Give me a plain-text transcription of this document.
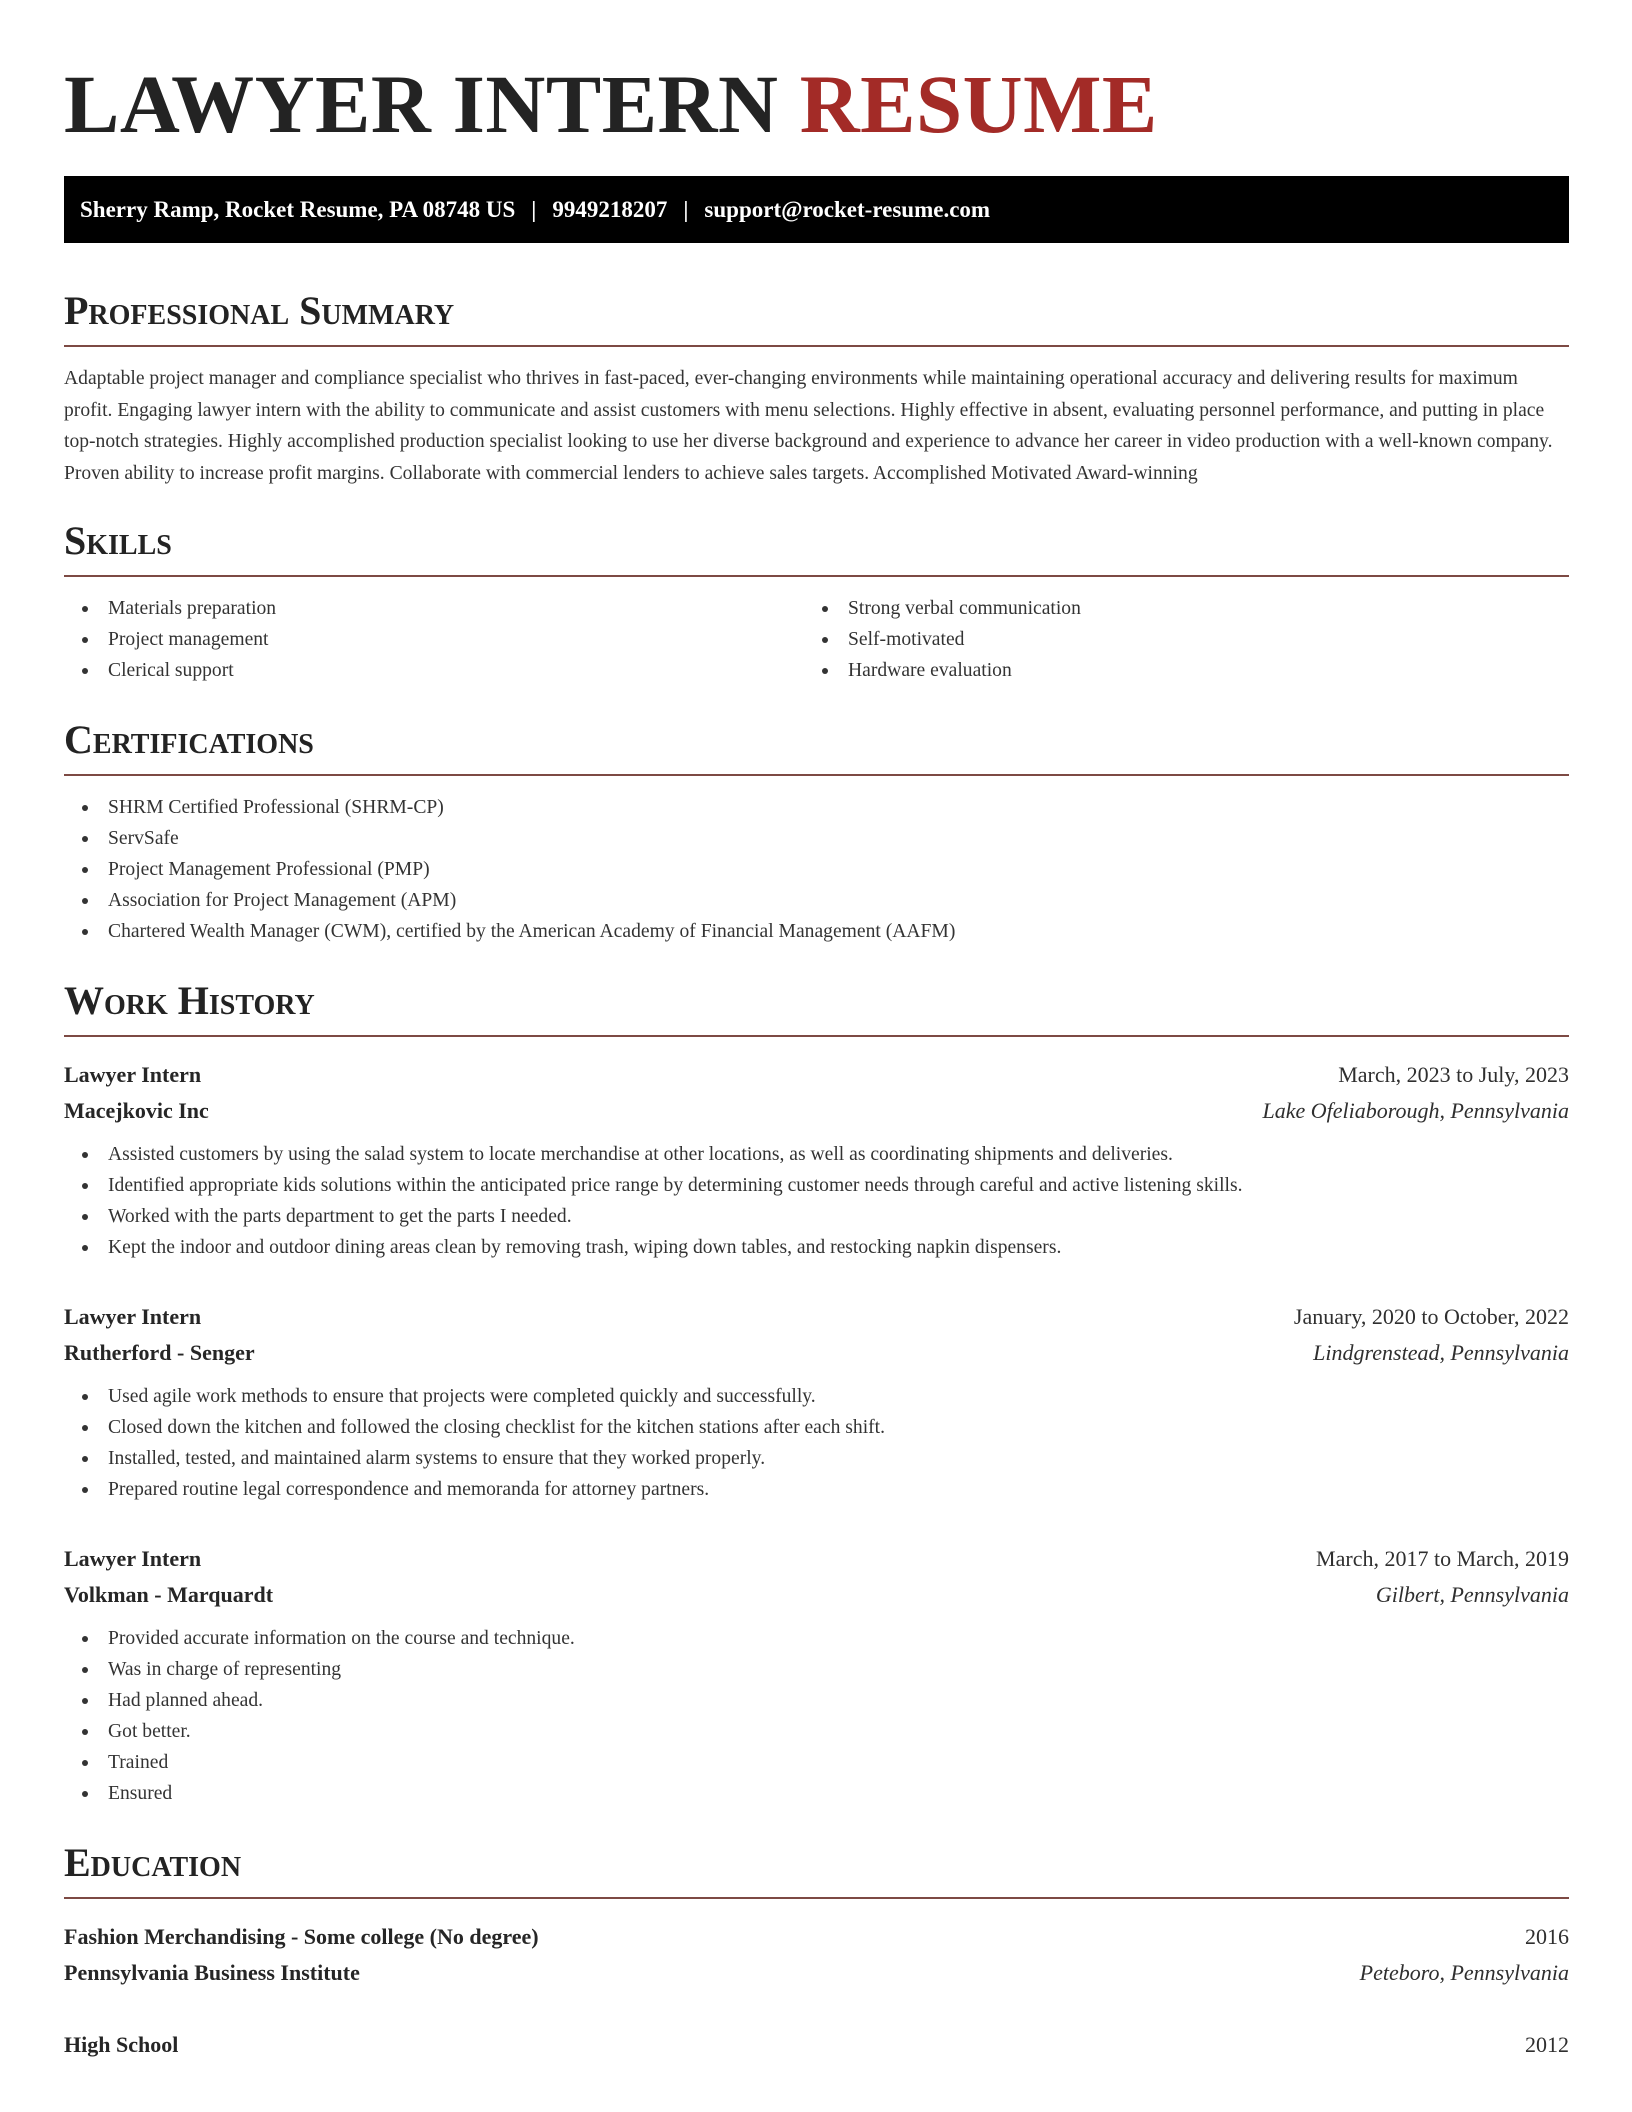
LAWYER INTERN RESUME
Sherry Ramp, Rocket Resume, PA 08748 US | 9949218207 | support@rocket-resume.com
Professional Summary

Adaptable project manager and compliance specialist who thrives in fast-paced, ever-changing environments while maintaining operational accuracy and delivering results for maximum profit. Engaging lawyer intern with the ability to communicate and assist customers with menu selections. Highly effective in absent, evaluating personnel performance, and putting in place top-notch strategies. Highly accomplished production specialist looking to use her diverse background and experience to advance her career in video production with a well-known company. Proven ability to increase profit margins. Collaborate with commercial lenders to achieve sales targets. Accomplished Motivated Award-winning

Skills
Materials preparation
Project management
Clerical support
Strong verbal communication
Self-motivated
Hardware evaluation
Certifications
SHRM Certified Professional (SHRM-CP)
ServSafe
Project Management Professional (PMP)
Association for Project Management (APM)
Chartered Wealth Manager (CWM), certified by the American Academy of Financial Management (AAFM)
Work History
Lawyer Intern	March, 2023 to July, 2023
Macejkovic Inc	Lake Ofeliaborough, Pennsylvania
Assisted customers by using the salad system to locate merchandise at other locations, as well as coordinating shipments and deliveries.
Identified appropriate kids solutions within the anticipated price range by determining customer needs through careful and active listening skills.
Worked with the parts department to get the parts I needed.
Kept the indoor and outdoor dining areas clean by removing trash, wiping down tables, and restocking napkin dispensers.
Lawyer Intern	January, 2020 to October, 2022
Rutherford - Senger	Lindgrenstead, Pennsylvania
Used agile work methods to ensure that projects were completed quickly and successfully.
Closed down the kitchen and followed the closing checklist for the kitchen stations after each shift.
Installed, tested, and maintained alarm systems to ensure that they worked properly.
Prepared routine legal correspondence and memoranda for attorney partners.
Lawyer Intern	March, 2017 to March, 2019
Volkman - Marquardt	Gilbert, Pennsylvania
Provided accurate information on the course and technique.
Was in charge of representing
Had planned ahead.
Got better.
Trained
Ensured
Education
Fashion Merchandising - Some college (No degree)	2016
Pennsylvania Business Institute	Peteboro, Pennsylvania
High School	2012
